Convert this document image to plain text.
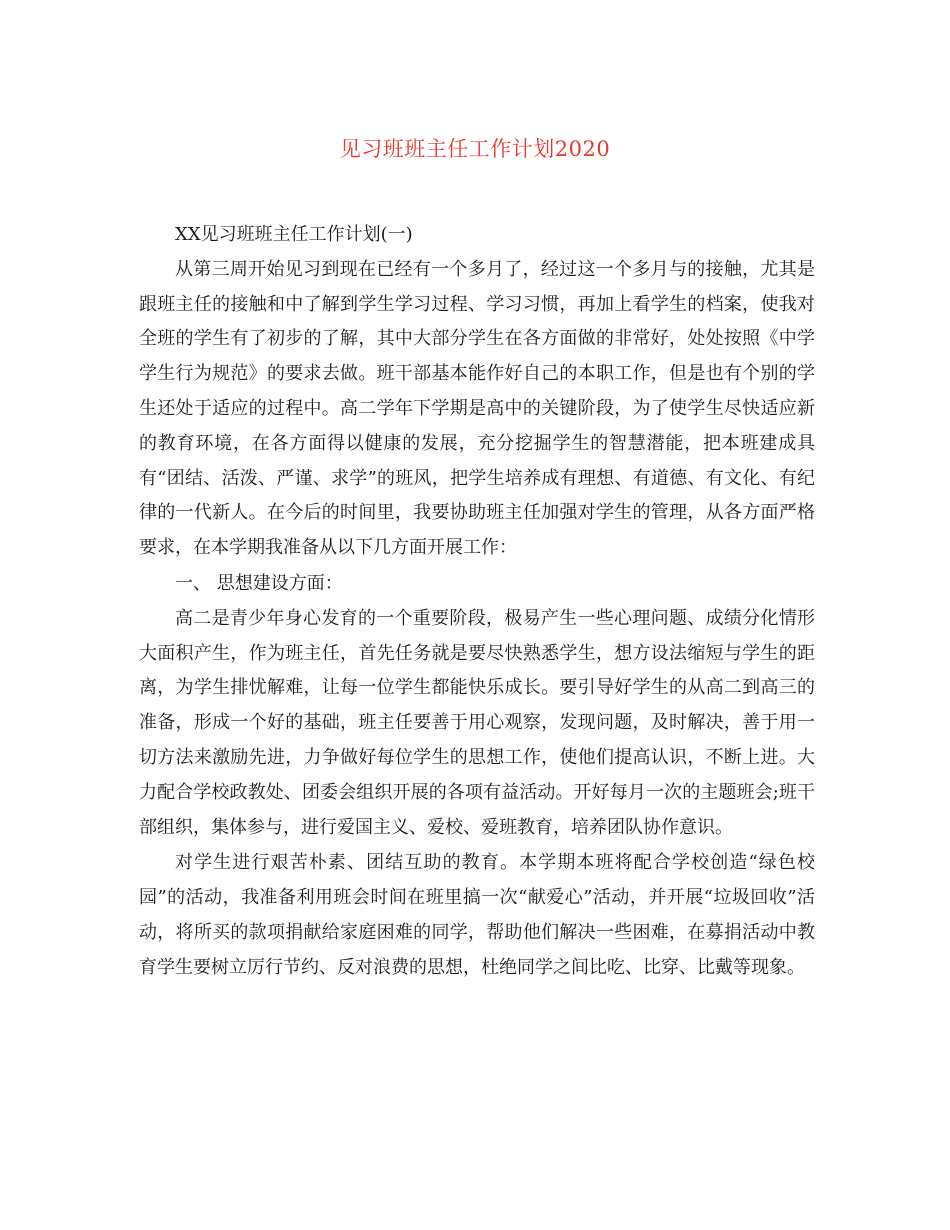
见习班班主任工作计划2020

XX见习班班主任工作计划(一)

从第三周开始见习到现在已经有一个多月了，经过这一个多月与的接触，尤其是跟班主任的接触和中了解到学生学习过程、学习习惯，再加上看学生的档案，使我对全班的学生有了初步的了解，其中大部分学生在各方面做的非常好，处处按照《中学学生行为规范》的要求去做。班干部基本能作好自己的本职工作，但是也有个别的学生还处于适应的过程中。高二学年下学期是高中的关键阶段，为了使学生尽快适应新的教育环境，在各方面得以健康的发展，充分挖掘学生的智慧潜能，把本班建成具有“团结、活泼、严谨、求学”的班风，把学生培养成有理想、有道德、有文化、有纪律的一代新人。在今后的时间里，我要协助班主任加强对学生的管理，从各方面严格要求，在本学期我准备从以下几方面开展工作：

一、 思想建设方面：

高二是青少年身心发育的一个重要阶段，极易产生一些心理问题、成绩分化情形大面积产生，作为班主任，首先任务就是要尽快熟悉学生，想方设法缩短与学生的距离，为学生排忧解难，让每一位学生都能快乐成长。要引导好学生的从高二到高三的准备，形成一个好的基础，班主任要善于用心观察，发现问题，及时解决，善于用一切方法来激励先进，力争做好每位学生的思想工作，使他们提高认识，不断上进。大力配合学校政教处、团委会组织开展的各项有益活动。开好每月一次的主题班会;班干部组织，集体参与，进行爱国主义、爱校、爱班教育，培养团队协作意识。

对学生进行艰苦朴素、团结互助的教育。本学期本班将配合学校创造“绿色校园”的活动，我准备利用班会时间在班里搞一次“献爱心”活动，并开展“垃圾回收”活动，将所买的款项捐献给家庭困难的同学，帮助他们解决一些困难，在募捐活动中教育学生要树立厉行节约、反对浪费的思想，杜绝同学之间比吃、比穿、比戴等现象。
